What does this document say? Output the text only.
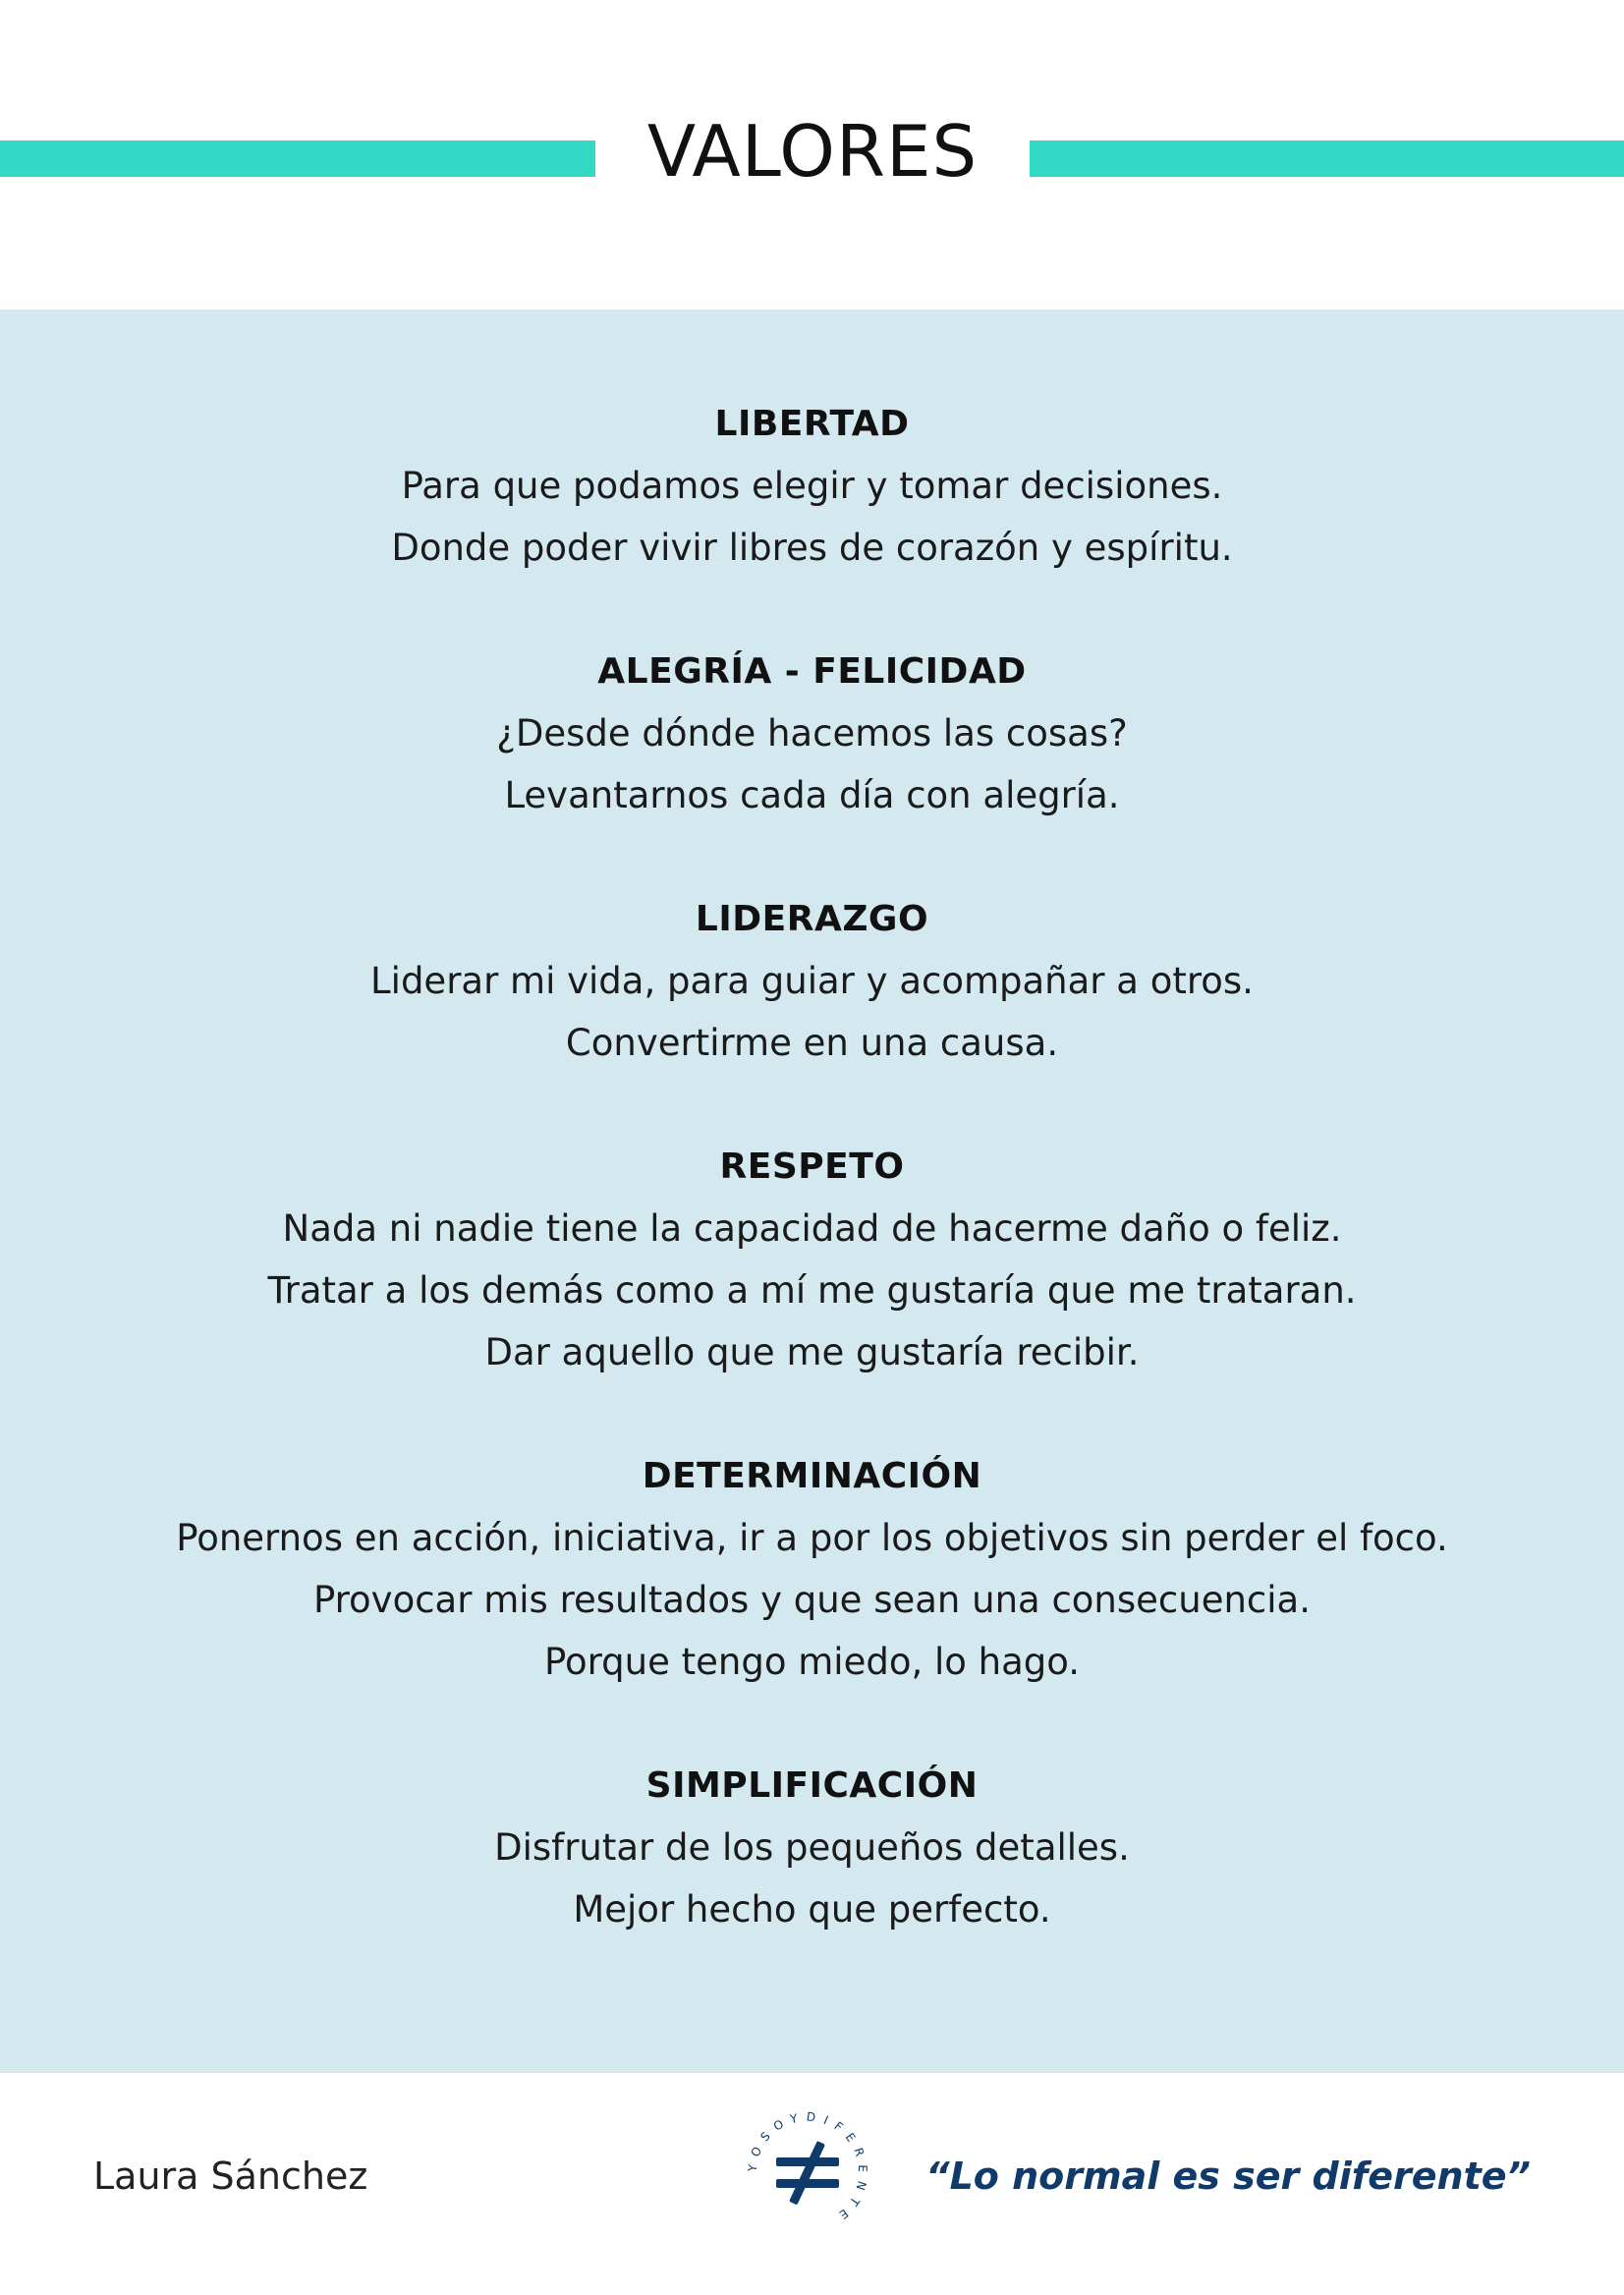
VALORES
LIBERTAD
Para que podamos elegir y tomar decisiones.
Donde poder vivir libres de corazón y espíritu.
ALEGRÍA - FELICIDAD
¿Desde dónde hacemos las cosas?
Levantarnos cada día con alegría.
LIDERAZGO
Liderar mi vida, para guiar y acompañar a otros.
Convertirme en una causa.
RESPETO
Nada ni nadie tiene la capacidad de hacerme daño o feliz.
Tratar a los demás como a mí me gustaría que me trataran.
Dar aquello que me gustaría recibir.
DETERMINACIÓN
Ponernos en acción, iniciativa, ir a por los objetivos sin perder el foco.
Provocar mis resultados y que sean una consecuencia.
Porque tengo miedo, lo hago.
SIMPLIFICACIÓN
Disfrutar de los pequeños detalles.
Mejor hecho que perfecto.
Laura Sánchez	YOSOYDIFERENTE
“Lo normal es ser diferente”
